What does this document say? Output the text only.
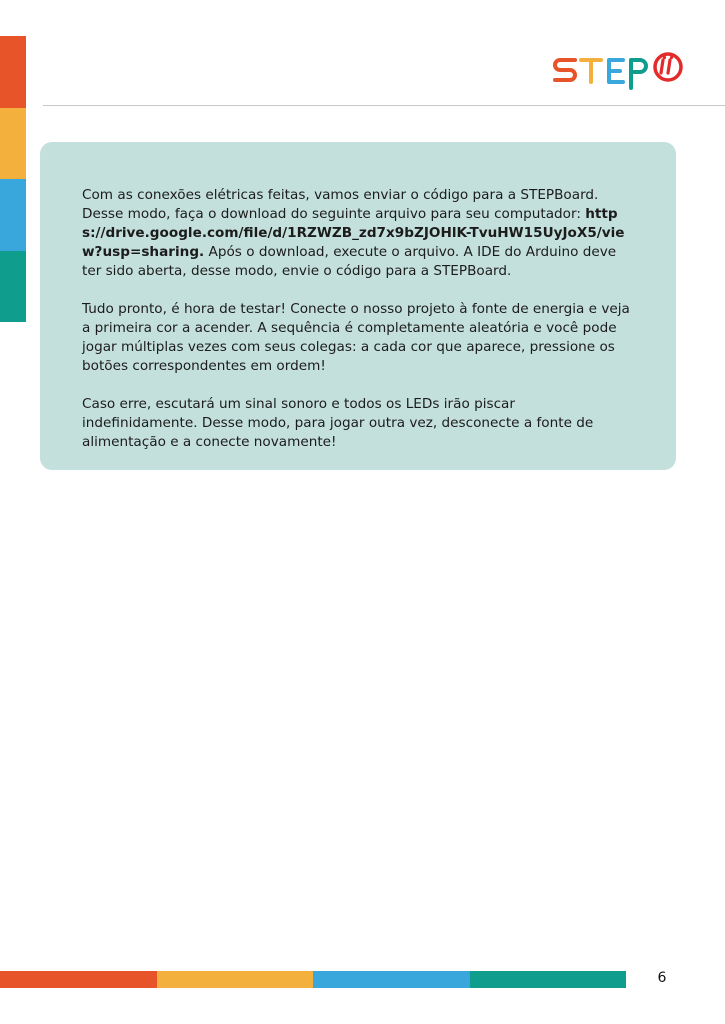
Com as conexões elétricas feitas, vamos enviar o código para a STEPBoard. Desse modo, faça o download do seguinte arquivo para seu computador: https://drive.google.com/file/d/1RZWZB_zd7x9bZJOHlK-TvuHW15UyJoX5/view?usp=sharing. Após o download, execute o arquivo. A IDE do Arduino deve ter sido aberta, desse modo, envie o código para a STEPBoard.

Tudo pronto, é hora de testar! Conecte o nosso projeto à fonte de energia e veja a primeira cor a acender. A sequência é completamente aleatória e você pode jogar múltiplas vezes com seus colegas: a cada cor que aparece, pressione os botões correspondentes em ordem!

Caso erre, escutará um sinal sonoro e todos os LEDs irão piscar indefinidamente. Desse modo, para jogar outra vez, desconecte a fonte de alimentação e a conecte novamente!

6
